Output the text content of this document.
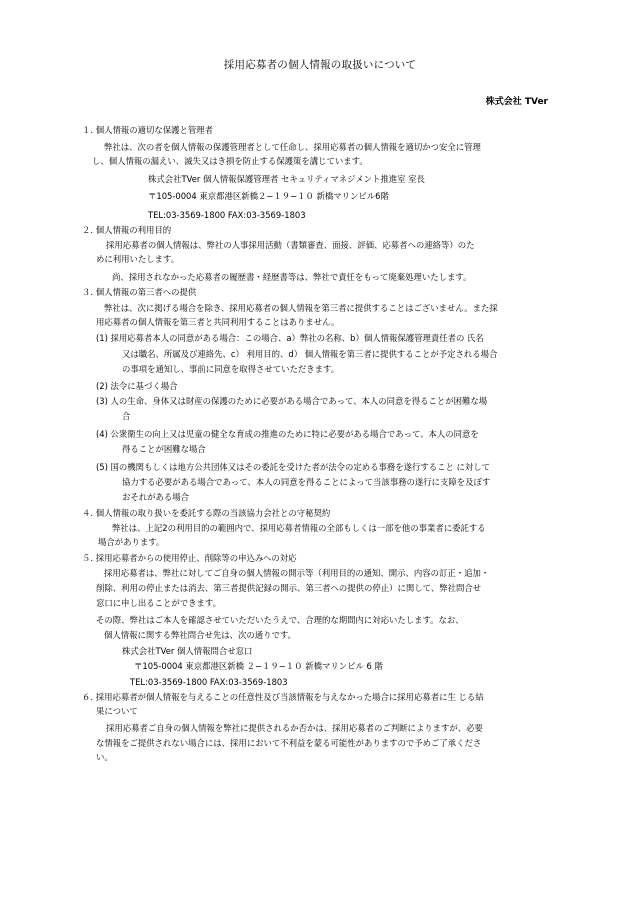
採用応募者の個人情報の取扱いについて
株式会社 TVer
１. 個人情報の適切な保護と管理者
弊社は、次の者を個人情報の保護管理者として任命し、採用応募者の個人情報を適切かつ安全に管理
し、個人情報の漏えい、滅失又はき損を防止する保護策を講じています。
株式会社TVer 個人情報保護管理者 セキュリティマネジメント推進室 室長
〒105-0004 東京都港区新橋２−１９−１０ 新橋マリンビル6階
TEL:03-3569-1800 FAX:03-3569-1803
２. 個人情報の利用目的
採用応募者の個人情報は、弊社の人事採用活動（書類審査、面接、評価、応募者への連絡等）のた
めに利用いたします。
尚、採用されなかった応募者の履歴書・経歴書等は、弊社で責任をもって廃棄処理いたします。
３. 個人情報の第三者への提供
弊社は、次に掲げる場合を除き、採用応募者の個人情報を第三者に提供することはございません。また採
用応募者の個人情報を第三者と共同利用することはありません。
(1) 採用応募者本人の同意がある場合：この場合、a）弊社の名称、b）個人情報保護管理責任者の 氏名
又は職名、所属及び連絡先、c） 利用目的、d） 個人情報を第三者に提供することが予定される場合
の事項を通知し、事前に同意を取得させていただきます。
(2) 法令に基づく場合
(3) 人の生命、身体又は財産の保護のために必要がある場合であって、本人の同意を得ることが困難な場
合
(4) 公衆衛生の向上又は児童の健全な育成の推進のために特に必要がある場合であって、本人の同意を
得ることが困難な場合
(5) 国の機関もしくは地方公共団体又はその委託を受けた者が法令の定める事務を遂行すること に対して
協力する必要がある場合であって、本人の同意を得ることによって当該事務の遂行に支障を及ぼす
おそれがある場合
４. 個人情報の取り扱いを委託する際の当該協力会社との守秘契約
弊社は、上記2の利用目的の範囲内で、採用応募者情報の全部もしくは一部を他の事業者に委託する
場合があります。
５. 採用応募者からの使用停止、削除等の申込みへの対応
採用応募者は、弊社に対してご自身の個人情報の開示等（利用目的の通知、開示、内容の訂正・追加・
削除、利用の停止または消去、第三者提供記録の開示、第三者への提供の停止）に関して、弊社問合せ
窓口に申し出ることができます。
その際、弊社はご本人を確認させていただいたうえで、合理的な期間内に対応いたします。なお、
個人情報に関する弊社問合せ先は、次の通りです。
株式会社TVer 個人情報問合せ窓口
〒105-0004 東京都港区新橋 ２−１９−１０ 新橋マリンビル 6 階
TEL:03-3569-1800 FAX:03-3569-1803
６. 採用応募者が個人情報を与えることの任意性及び当該情報を与えなかった場合に採用応募者に生 じる結
果について
採用応募者ご自身の個人情報を弊社に提供されるか否かは、採用応募者のご判断によりますが、必要
な情報をご提供されない場合には、採用において不利益を蒙る可能性がありますので予めご了承くださ
い。
